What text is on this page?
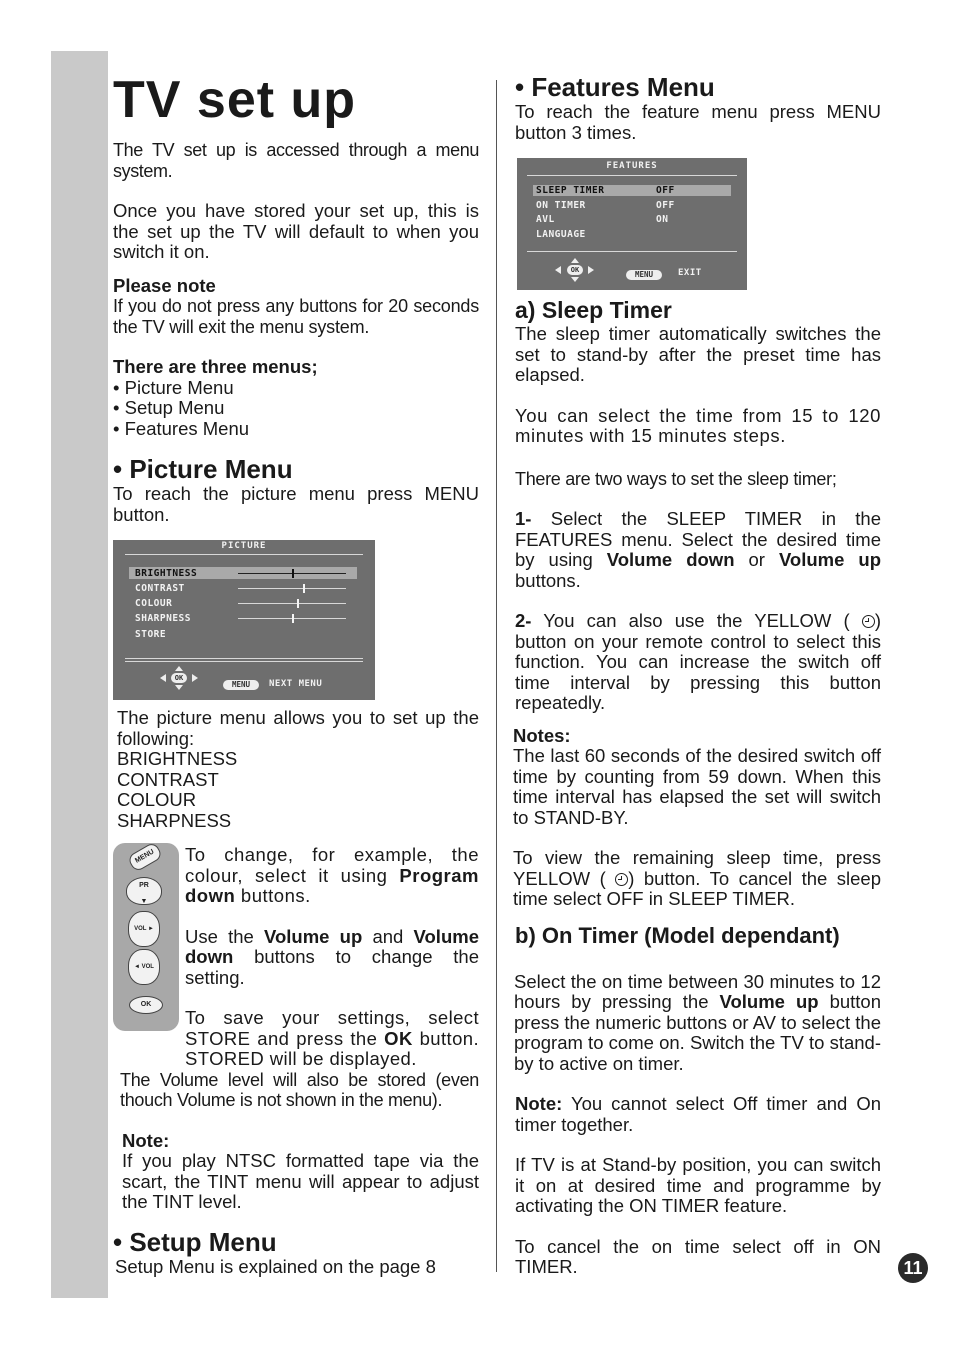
TV set up

The TV set up is accessed through a menu system.

Once you have stored your set up, this is the set up the TV will default to when you switch it on.

Please note

If you do not press any buttons for 20 seconds the TV will exit the menu system.

There are three menus;

• Picture Menu

• Setup Menu

• Features Menu

• Picture Menu

To reach the picture menu press MENU button.

PICTURE
BRIGHTNESS
CONTRAST
COLOUR
SHARPNESS
STORE
OK
MENU	NEXT MENU

The picture menu allows you to set up the following:

BRIGHTNESS

CONTRAST

COLOUR

SHARPNESS

To change, for example, the colour, select it using Program down buttons.

Use the Volume up and Volume down buttons to change the setting.

To save your settings, select STORE and press the OK button. STORED will be displayed.

The Volume level will also be stored (even thouch Volume is not shown in the menu).

Note:

If you play NTSC formatted tape via the scart, the TINT menu will appear to adjust the TINT level.

• Setup Menu

Setup Menu is explained on the page 8

MENU
PR
▼
VOL ►
◄ VOL
OK

• Features Menu

To reach the feature menu press MENU button 3 times.

FEATURES
SLEEP TIMER	OFF
ON TIMER	OFF
AVL	ON
LANGUAGE
OK	MENU	EXIT

a) Sleep Timer

The sleep timer automatically switches the set to stand-by after the preset time has elapsed.

You can select the time from 15 to 120 minutes with 15 minutes steps.

There are two ways to set the sleep timer;

1- Select the SLEEP TIMER in the FEATURES menu. Select the desired time by using Volume down or Volume up buttons.

2- You can also use the YELLOW ( ) button on your remote control to select this function. You can increase the switch off time interval by pressing this button repeatedly.

Notes:

The last 60 seconds of the desired switch off time by counting from 59 down. When this time interval has elapsed the set will switch to STAND-BY.

To view the remaining sleep time, press YELLOW ( ) button. To cancel the sleep time select OFF in SLEEP TIMER.

b) On Timer (Model dependant)

Select the on time between 30 minutes to 12 hours by pressing the Volume up button press the numeric buttons or AV to select the program to come on. Switch the TV to stand-by to active on timer.

Note: You cannot select Off timer and On timer together.

If TV is at Stand-by position, you can switch it on at desired time and programme by activating the ON TIMER feature.

To cancel the on time select off in ON TIMER.	11
